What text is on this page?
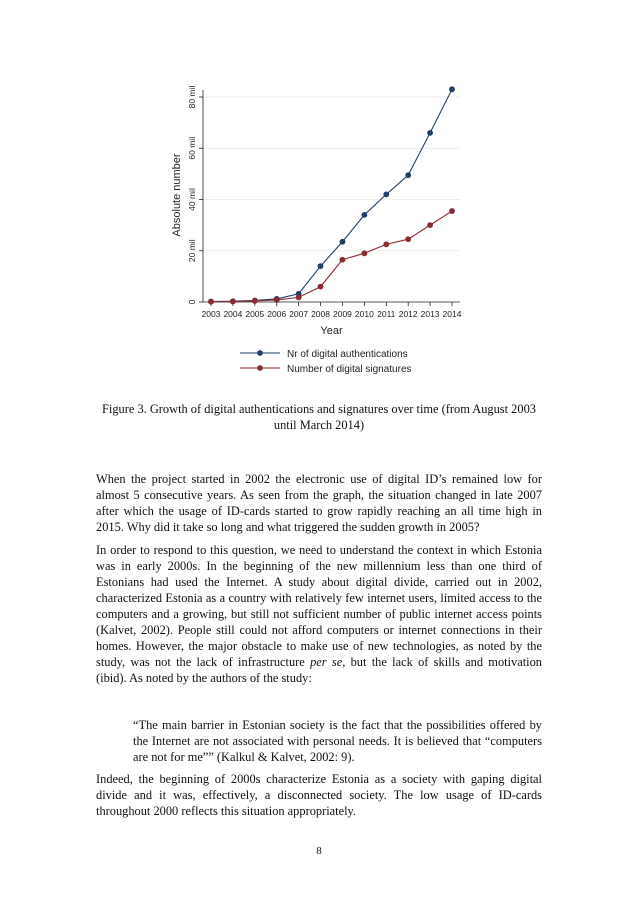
0
20 mil
40 mil
60 mil
80 mil
2003 2004 2005 2006 2007 2008 2009 2010 2011 2012 2013 2014
Absolute number
Year
Nr of digital authentications
Number of digital signatures
Figure 3. Growth of digital authentications and signatures over time (from August 2003 until March 2014)

When the project started in 2002 the electronic use of digital ID’s remained low for almost 5 consecutive years. As seen from the graph, the situation changed in late 2007 after which the usage of ID-cards started to grow rapidly reaching an all time high in 2015. Why did it take so long and what triggered the sudden growth in 2005?

In order to respond to this question, we need to understand the context in which Estonia was in early 2000s. In the beginning of the new millennium less than one third of Estonians had used the Internet. A study about digital divide, carried out in 2002, characterized Estonia as a country with relatively few internet users, limited access to the computers and a growing, but still not sufficient number of public internet access points (Kalvet, 2002). People still could not afford computers or internet connections in their homes. However, the major obstacle to make use of new technologies, as noted by the study, was not the lack of infrastructure per se, but the lack of skills and motivation (ibid). As noted by the authors of the study:

“The main barrier in Estonian society is the fact that the possibilities offered by the Internet are not associated with personal needs. It is believed that “computers are not for me”” (Kalkul & Kalvet, 2002: 9).

Indeed, the beginning of 2000s characterize Estonia as a society with gaping digital divide and it was, effectively, a disconnected society. The low usage of ID-cards throughout 2000 reflects this situation appropriately.

8
